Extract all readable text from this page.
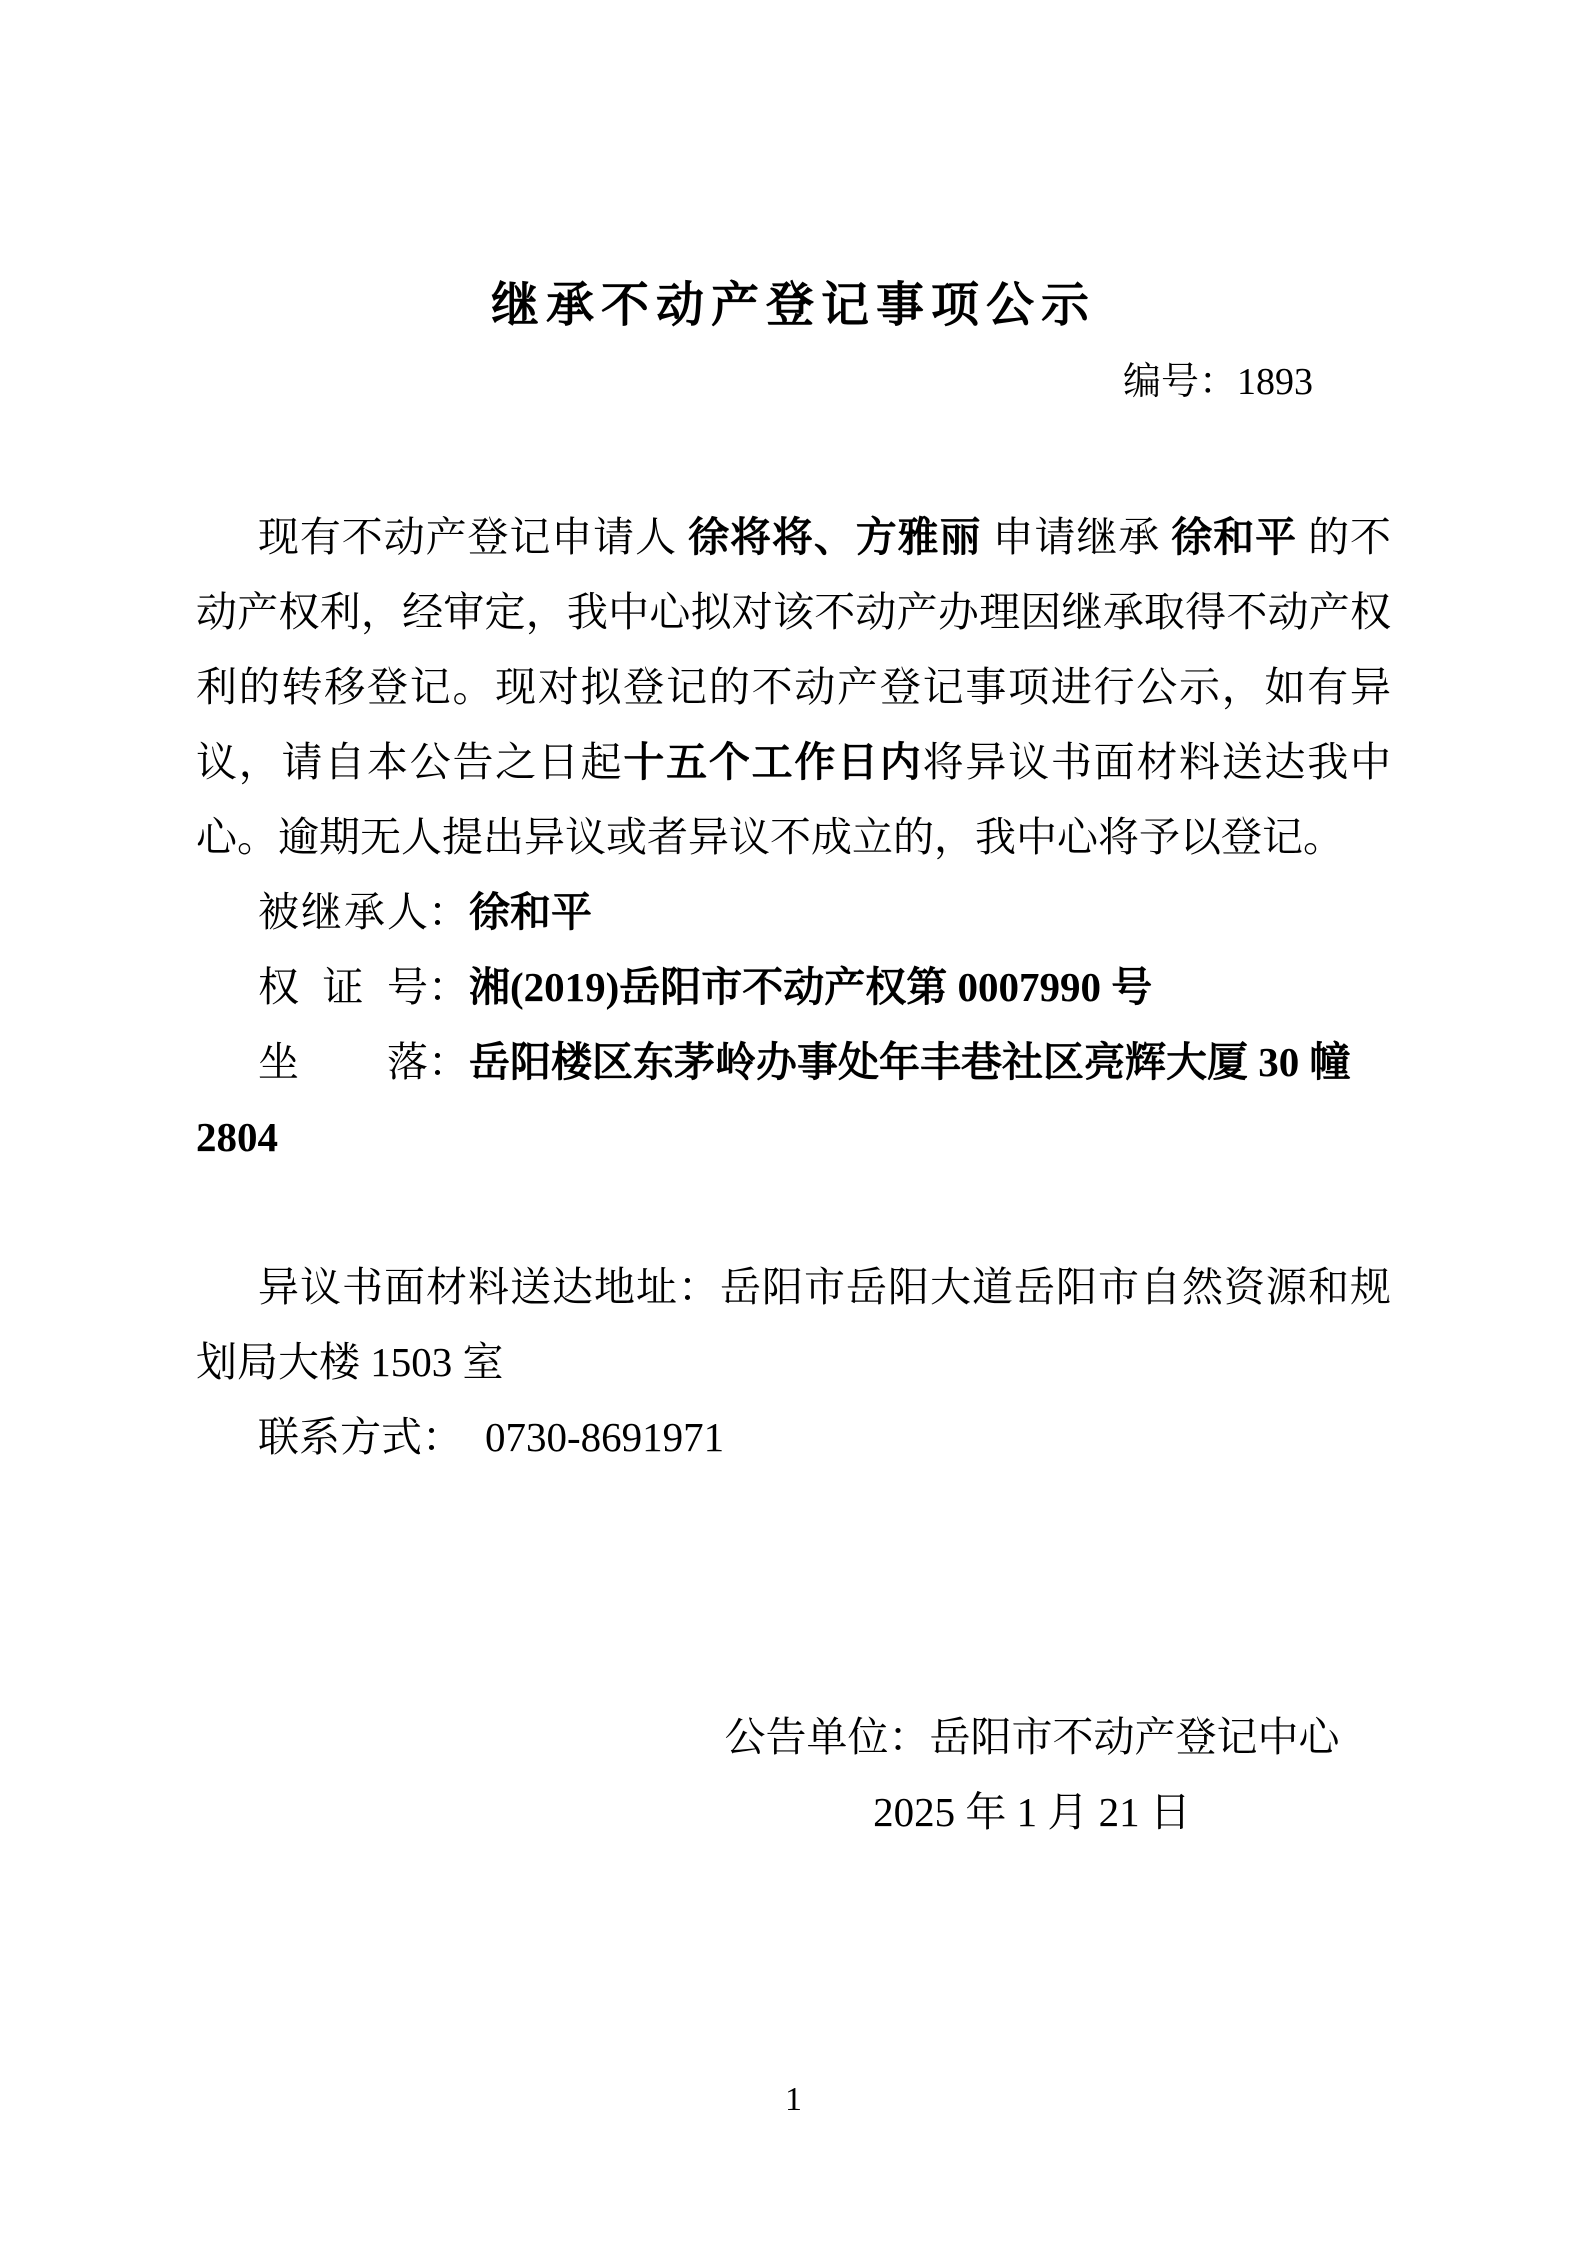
继承不动产登记事项公示
编号：1893
现有不动产登记申请人 徐将将、方雅丽 申请继承 徐和平 的不动产权利，经审定，我中心拟对该不动产办理因继承取得不动产权利的转移登记。现对拟登记的不动产登记事项进行公示，如有异议，请自本公告之日起十五个工作日内将异议书面材料送达我中心。逾期无人提出异议或者异议不成立的，我中心将予以登记。
被继承人：徐和平
权证号：湘(2019)岳阳市不动产权第 0007990 号
坐落：岳阳楼区东茅岭办事处年丰巷社区亮辉大厦 30 幢 2804
异议书面材料送达地址：岳阳市岳阳大道岳阳市自然资源和规划局大楼 1503 室
联系方式： 0730-8691971
公告单位：岳阳市不动产登记中心
2025 年 1 月 21 日
1
